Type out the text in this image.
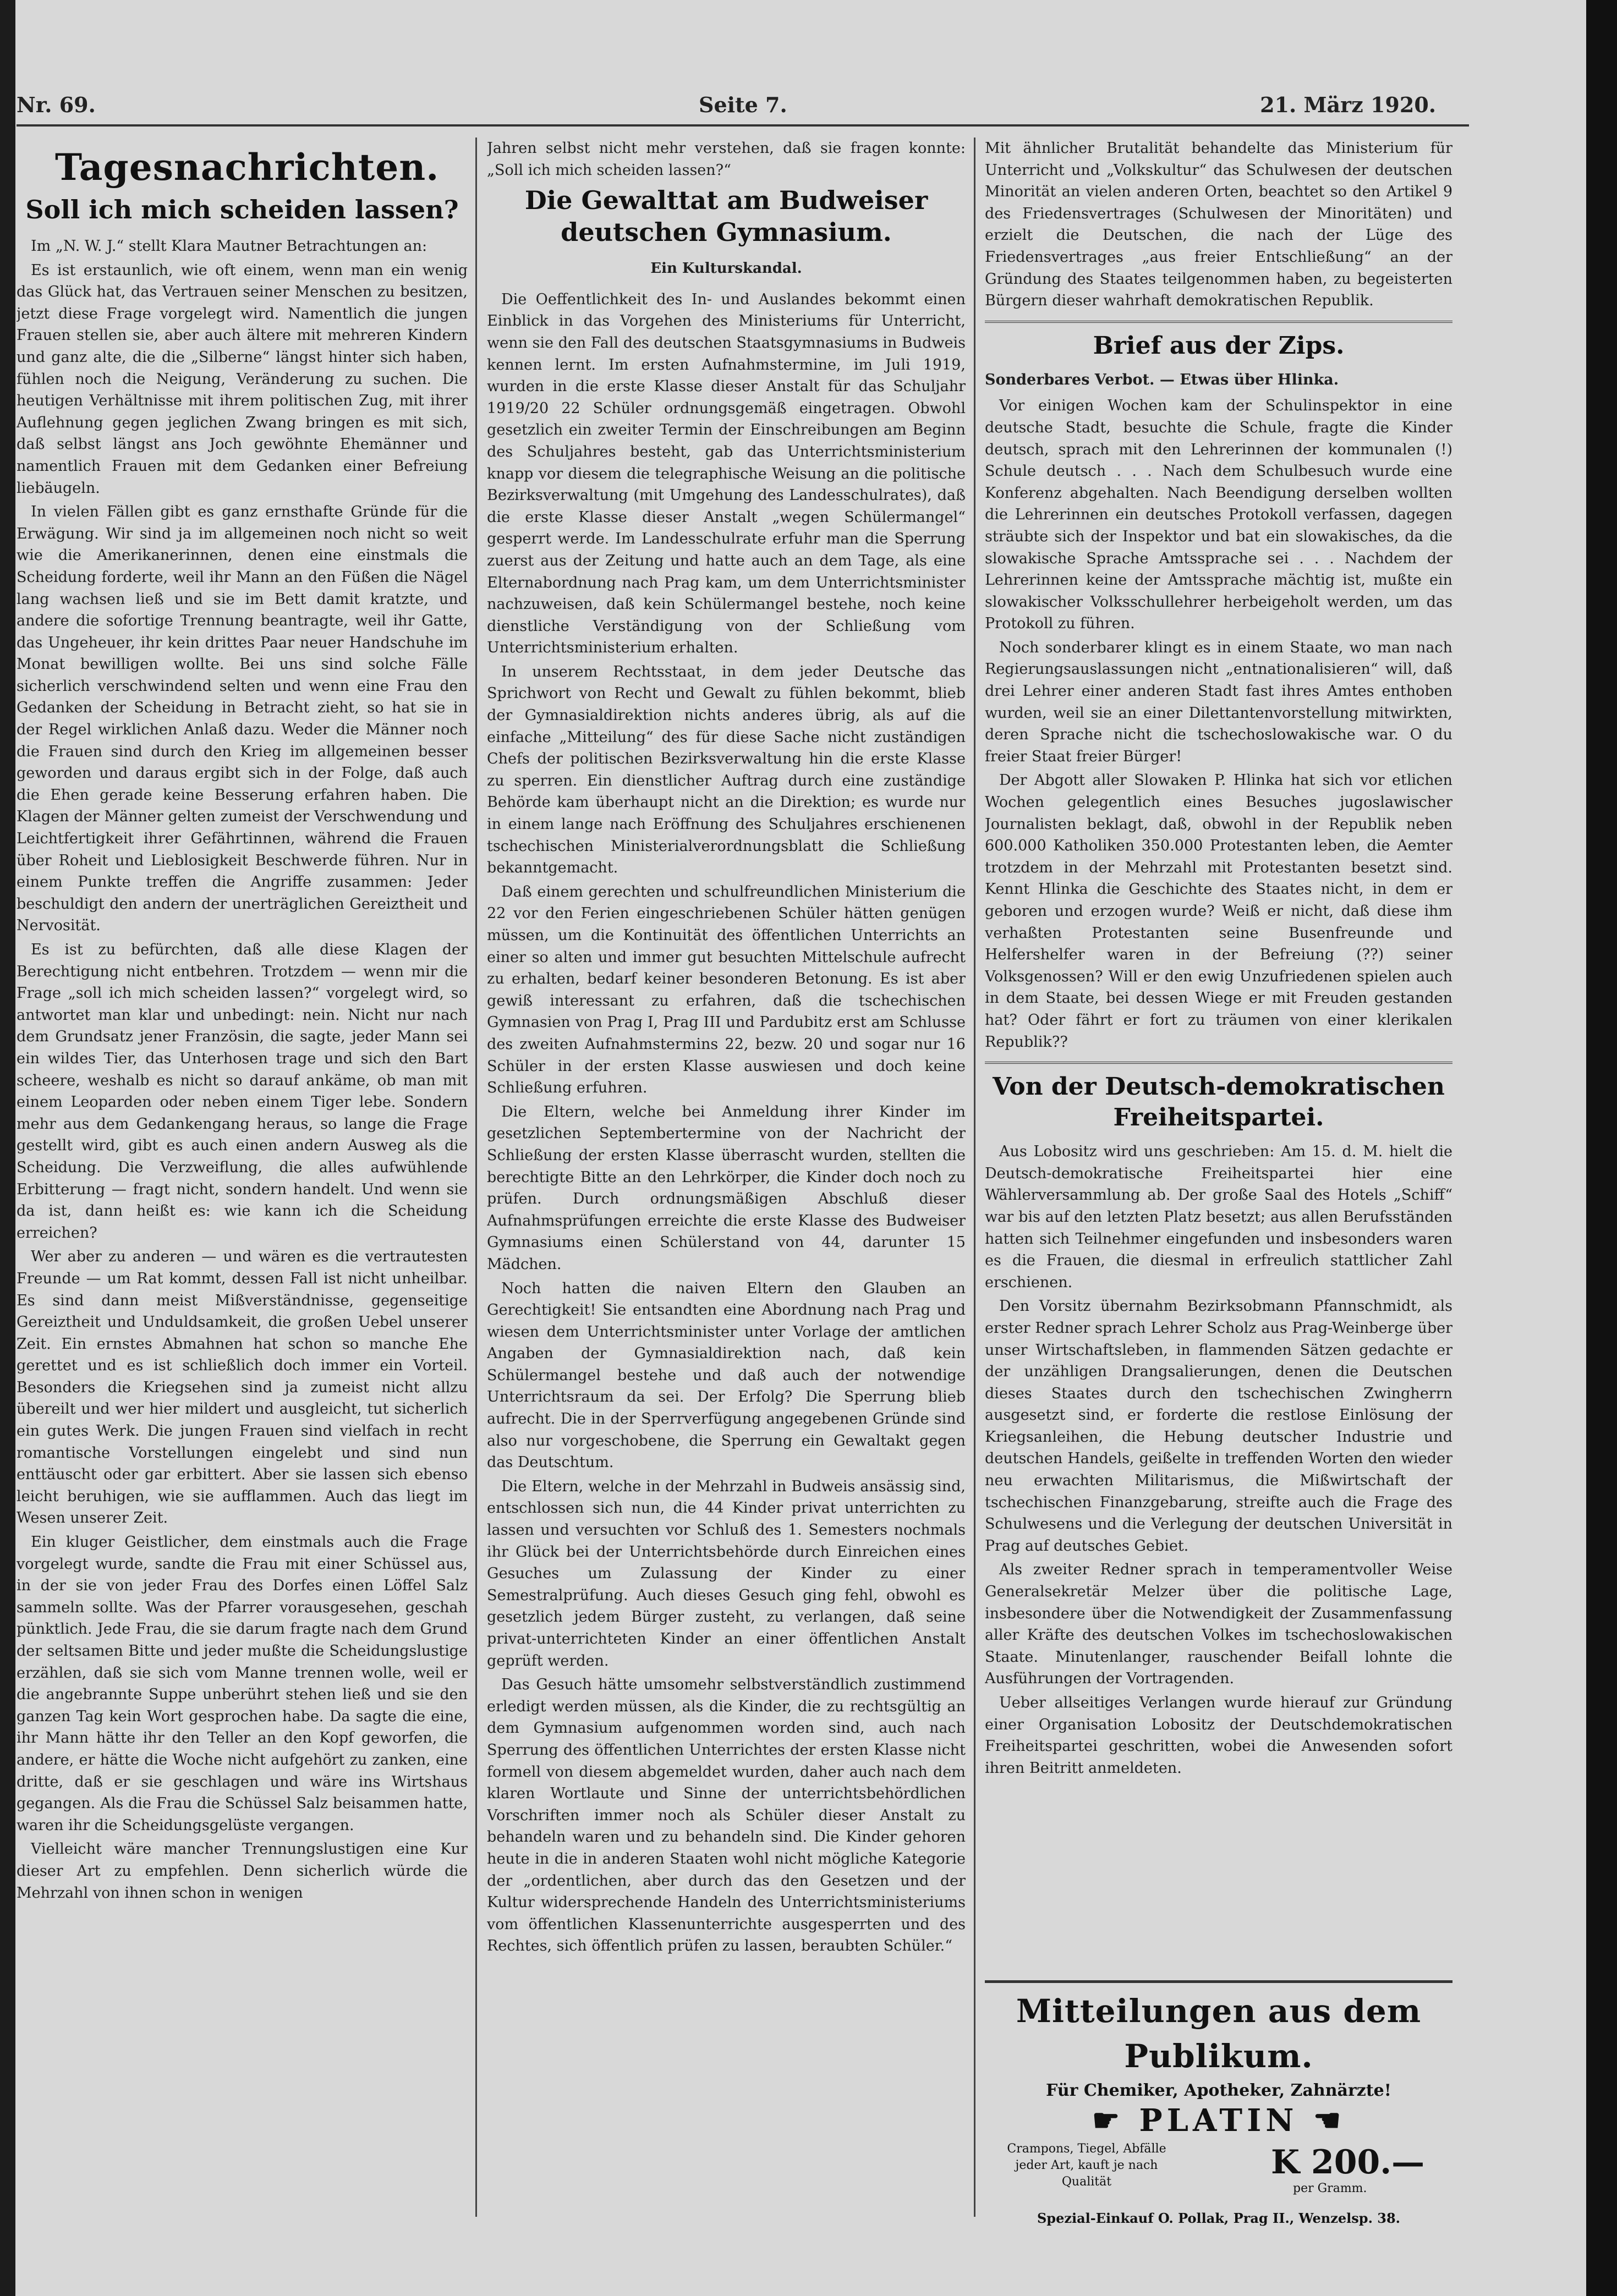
Nr. 69.	Seite 7.	21. März 1920.
Tagesnachrichten.
Soll ich mich scheiden lassen?

Im „N. W. J.“ stellt Klara Mautner Betrachtungen an:

Es ist erstaunlich, wie oft einem, wenn man ein wenig das Glück hat, das Vertrauen seiner Menschen zu besitzen, jetzt diese Frage vorgelegt wird. Namentlich die jungen Frauen stellen sie, aber auch ältere mit mehreren Kindern und ganz alte, die die „Silberne“ längst hinter sich haben, fühlen noch die Neigung, Veränderung zu suchen. Die heutigen Verhältnisse mit ihrem politischen Zug, mit ihrer Auflehnung gegen jeglichen Zwang bringen es mit sich, daß selbst längst ans Joch gewöhnte Ehemänner und namentlich Frauen mit dem Gedanken einer Befreiung liebäugeln.

In vielen Fällen gibt es ganz ernsthafte Gründe für die Erwägung. Wir sind ja im allgemeinen noch nicht so weit wie die Amerikanerinnen, denen eine einstmals die Scheidung forderte, weil ihr Mann an den Füßen die Nägel lang wachsen ließ und sie im Bett damit kratzte, und andere die sofortige Trennung beantragte, weil ihr Gatte, das Ungeheuer, ihr kein drittes Paar neuer Handschuhe im Monat bewilligen wollte. Bei uns sind solche Fälle sicherlich verschwindend selten und wenn eine Frau den Gedanken der Scheidung in Betracht zieht, so hat sie in der Regel wirklichen Anlaß dazu. Weder die Männer noch die Frauen sind durch den Krieg im allgemeinen besser geworden und daraus ergibt sich in der Folge, daß auch die Ehen gerade keine Besserung erfahren haben. Die Klagen der Männer gelten zumeist der Verschwendung und Leichtfertigkeit ihrer Gefährtinnen, während die Frauen über Roheit und Lieblosigkeit Beschwerde führen. Nur in einem Punkte treffen die Angriffe zusammen: Jeder beschuldigt den andern der unerträglichen Gereiztheit und Nervosität.

Es ist zu befürchten, daß alle diese Klagen der Berechtigung nicht entbehren. Trotzdem — wenn mir die Frage „soll ich mich scheiden lassen?“ vorgelegt wird, so antwortet man klar und unbedingt: nein. Nicht nur nach dem Grundsatz jener Französin, die sagte, jeder Mann sei ein wildes Tier, das Unterhosen trage und sich den Bart scheere, weshalb es nicht so darauf ankäme, ob man mit einem Leoparden oder neben einem Tiger lebe. Sondern mehr aus dem Gedankengang heraus, so lange die Frage gestellt wird, gibt es auch einen andern Ausweg als die Scheidung. Die Verzweiflung, die alles aufwühlende Erbitterung — fragt nicht, sondern handelt. Und wenn sie da ist, dann heißt es: wie kann ich die Scheidung erreichen?

Wer aber zu anderen — und wären es die vertrautesten Freunde — um Rat kommt, dessen Fall ist nicht unheilbar. Es sind dann meist Mißverständnisse, gegenseitige Gereiztheit und Unduldsamkeit, die großen Uebel unserer Zeit. Ein ernstes Abmahnen hat schon so manche Ehe gerettet und es ist schließlich doch immer ein Vorteil. Besonders die Kriegsehen sind ja zumeist nicht allzu übereilt und wer hier mildert und ausgleicht, tut sicherlich ein gutes Werk. Die jungen Frauen sind vielfach in recht romantische Vorstellungen eingelebt und sind nun enttäuscht oder gar erbittert. Aber sie lassen sich ebenso leicht beruhigen, wie sie aufflammen. Auch das liegt im Wesen unserer Zeit.

Ein kluger Geistlicher, dem einstmals auch die Frage vorgelegt wurde, sandte die Frau mit einer Schüssel aus, in der sie von jeder Frau des Dorfes einen Löffel Salz sammeln sollte. Was der Pfarrer vorausgesehen, geschah pünktlich. Jede Frau, die sie darum fragte nach dem Grund der seltsamen Bitte und jeder mußte die Scheidungslustige erzählen, daß sie sich vom Manne trennen wolle, weil er die angebrannte Suppe unberührt stehen ließ und sie den ganzen Tag kein Wort gesprochen habe. Da sagte die eine, ihr Mann hätte ihr den Teller an den Kopf geworfen, die andere, er hätte die Woche nicht aufgehört zu zanken, eine dritte, daß er sie geschlagen und wäre ins Wirtshaus gegangen. Als die Frau die Schüssel Salz beisammen hatte, waren ihr die Scheidungsgelüste vergangen.

Vielleicht wäre mancher Trennungslustigen eine Kur dieser Art zu empfehlen. Denn sicherlich würde die Mehrzahl von ihnen schon in wenigen

Jahren selbst nicht mehr verstehen, daß sie fragen konnte: „Soll ich mich scheiden lassen?“

Die Gewalttat am Budweiser deutschen Gymnasium.
Ein Kulturskandal.

Die Oeffentlichkeit des In- und Auslandes bekommt einen Einblick in das Vorgehen des Ministeriums für Unterricht, wenn sie den Fall des deutschen Staatsgymnasiums in Budweis kennen lernt. Im ersten Aufnahmstermine, im Juli 1919, wurden in die erste Klasse dieser Anstalt für das Schuljahr 1919/20 22 Schüler ordnungsgemäß eingetragen. Obwohl gesetzlich ein zweiter Termin der Einschreibungen am Beginn des Schuljahres besteht, gab das Unterrichtsministerium knapp vor diesem die telegraphische Weisung an die politische Bezirksverwaltung (mit Umgehung des Landesschulrates), daß die erste Klasse dieser Anstalt „wegen Schülermangel“ gesperrt werde. Im Landesschulrate erfuhr man die Sperrung zuerst aus der Zeitung und hatte auch an dem Tage, als eine Elternabordnung nach Prag kam, um dem Unterrichtsminister nachzuweisen, daß kein Schülermangel bestehe, noch keine dienstliche Verständigung von der Schließung vom Unterrichtsministerium erhalten.

In unserem Rechtsstaat, in dem jeder Deutsche das Sprichwort von Recht und Gewalt zu fühlen bekommt, blieb der Gymnasialdirektion nichts anderes übrig, als auf die einfache „Mitteilung“ des für diese Sache nicht zuständigen Chefs der politischen Bezirksverwaltung hin die erste Klasse zu sperren. Ein dienstlicher Auftrag durch eine zuständige Behörde kam überhaupt nicht an die Direktion; es wurde nur in einem lange nach Eröffnung des Schuljahres erschienenen tschechischen Ministerialverordnungsblatt die Schließung bekanntgemacht.

Daß einem gerechten und schulfreundlichen Ministerium die 22 vor den Ferien eingeschriebenen Schüler hätten genügen müssen, um die Kontinuität des öffentlichen Unterrichts an einer so alten und immer gut besuchten Mittelschule aufrecht zu erhalten, bedarf keiner besonderen Betonung. Es ist aber gewiß interessant zu erfahren, daß die tschechischen Gymnasien von Prag I, Prag III und Pardubitz erst am Schlusse des zweiten Aufnahmstermins 22, bezw. 20 und sogar nur 16 Schüler in der ersten Klasse auswiesen und doch keine Schließung erfuhren.

Die Eltern, welche bei Anmeldung ihrer Kinder im gesetzlichen Septembertermine von der Nachricht der Schließung der ersten Klasse überrascht wurden, stellten die berechtigte Bitte an den Lehrkörper, die Kinder doch noch zu prüfen. Durch ordnungsmäßigen Abschluß dieser Aufnahmsprüfungen erreichte die erste Klasse des Budweiser Gymnasiums einen Schülerstand von 44, darunter 15 Mädchen.

Noch hatten die naiven Eltern den Glauben an Gerechtigkeit! Sie entsandten eine Abordnung nach Prag und wiesen dem Unterrichtsminister unter Vorlage der amtlichen Angaben der Gymnasialdirektion nach, daß kein Schülermangel bestehe und daß auch der notwendige Unterrichtsraum da sei. Der Erfolg? Die Sperrung blieb aufrecht. Die in der Sperrverfügung angegebenen Gründe sind also nur vorgeschobene, die Sperrung ein Gewaltakt gegen das Deutschtum.

Die Eltern, welche in der Mehrzahl in Budweis ansässig sind, entschlossen sich nun, die 44 Kinder privat unterrichten zu lassen und versuchten vor Schluß des 1. Semesters nochmals ihr Glück bei der Unterrichtsbehörde durch Einreichen eines Gesuches um Zulassung der Kinder zu einer Semestralprüfung. Auch dieses Gesuch ging fehl, obwohl es gesetzlich jedem Bürger zusteht, zu verlangen, daß seine privat-unterrichteten Kinder an einer öffentlichen Anstalt geprüft werden.

Das Gesuch hätte umsomehr selbstverständlich zustimmend erledigt werden müssen, als die Kinder, die zu rechtsgültig an dem Gymnasium aufgenommen worden sind, auch nach Sperrung des öffentlichen Unterrichtes der ersten Klasse nicht formell von diesem abgemeldet wurden, daher auch nach dem klaren Wortlaute und Sinne der unterrichtsbehördlichen Vorschriften immer noch als Schüler dieser Anstalt zu behandeln waren und zu behandeln sind. Die Kinder gehoren heute in die in anderen Staaten wohl nicht mögliche Kategorie der „ordentlichen, aber durch das den Gesetzen und der Kultur widersprechende Handeln des Unterrichtsministeriums vom öffentlichen Klassenunterrichte ausgesperrten und des Rechtes, sich öffentlich prüfen zu lassen, beraubten Schüler.“

Mit ähnlicher Brutalität behandelte das Ministerium für Unterricht und „Volkskultur“ das Schulwesen der deutschen Minorität an vielen anderen Orten, beachtet so den Artikel 9 des Friedensvertrages (Schulwesen der Minoritäten) und erzielt die Deutschen, die nach der Lüge des Friedensvertrages „aus freier Entschließung“ an der Gründung des Staates teilgenommen haben, zu begeisterten Bürgern dieser wahrhaft demokratischen Republik.

Brief aus der Zips.
Sonderbares Verbot. — Etwas über Hlinka.

Vor einigen Wochen kam der Schulinspektor in eine deutsche Stadt, besuchte die Schule, fragte die Kinder deutsch, sprach mit den Lehrerinnen der kommunalen (!) Schule deutsch . . . Nach dem Schulbesuch wurde eine Konferenz abgehalten. Nach Beendigung derselben wollten die Lehrerinnen ein deutsches Protokoll verfassen, dagegen sträubte sich der Inspektor und bat ein slowakisches, da die slowakische Sprache Amtssprache sei . . . Nachdem der Lehrerinnen keine der Amtssprache mächtig ist, mußte ein slowakischer Volksschullehrer herbeigeholt werden, um das Protokoll zu führen.

Noch sonderbarer klingt es in einem Staate, wo man nach Regierungsauslassungen nicht „entnationalisieren“ will, daß drei Lehrer einer anderen Stadt fast ihres Amtes enthoben wurden, weil sie an einer Dilettantenvorstellung mitwirkten, deren Sprache nicht die tschechoslowakische war. O du freier Staat freier Bürger!

Der Abgott aller Slowaken P. Hlinka hat sich vor etlichen Wochen gelegentlich eines Besuches jugoslawischer Journalisten beklagt, daß, obwohl in der Republik neben 600.000 Katholiken 350.000 Protestanten leben, die Aemter trotzdem in der Mehrzahl mit Protestanten besetzt sind. Kennt Hlinka die Geschichte des Staates nicht, in dem er geboren und erzogen wurde? Weiß er nicht, daß diese ihm verhaßten Protestanten seine Busenfreunde und Helfershelfer waren in der Befreiung (??) seiner Volksgenossen? Will er den ewig Unzufriedenen spielen auch in dem Staate, bei dessen Wiege er mit Freuden gestanden hat? Oder fährt er fort zu träumen von einer klerikalen Republik??

Von der Deutsch-demokratischen Freiheitspartei.

Aus Lobositz wird uns geschrieben: Am 15. d. M. hielt die Deutsch-demokratische Freiheitspartei hier eine Wählerversammlung ab. Der große Saal des Hotels „Schiff“ war bis auf den letzten Platz besetzt; aus allen Berufsständen hatten sich Teilnehmer eingefunden und insbesonders waren es die Frauen, die diesmal in erfreulich stattlicher Zahl erschienen.

Den Vorsitz übernahm Bezirksobmann Pfannschmidt, als erster Redner sprach Lehrer Scholz aus Prag-Weinberge über unser Wirtschaftsleben, in flammenden Sätzen gedachte er der unzähligen Drangsalierungen, denen die Deutschen dieses Staates durch den tschechischen Zwingherrn ausgesetzt sind, er forderte die restlose Einlösung der Kriegsanleihen, die Hebung deutscher Industrie und deutschen Handels, geißelte in treffenden Worten den wieder neu erwachten Militarismus, die Mißwirtschaft der tschechischen Finanzgebarung, streifte auch die Frage des Schulwesens und die Verlegung der deutschen Universität in Prag auf deutsches Gebiet.

Als zweiter Redner sprach in temperamentvoller Weise Generalsekretär Melzer über die politische Lage, insbesondere über die Notwendigkeit der Zusammenfassung aller Kräfte des deutschen Volkes im tschechoslowakischen Staate. Minutenlanger, rauschender Beifall lohnte die Ausführungen der Vortragenden.

Ueber allseitiges Verlangen wurde hierauf zur Gründung einer Organisation Lobositz der Deutschdemokratischen Freiheitspartei geschritten, wobei die Anwesenden sofort ihren Beitritt anmeldeten.

Mitteilungen aus dem Publikum.
Für Chemiker, Apotheker, Zahnärzte!
☛ PLATIN ☚
Crampons, Tiegel, Abfälle jeder Art, kauft je nach Qualität
K 200.—
per Gramm.
Spezial-Einkauf O. Pollak, Prag II., Wenzelsp. 38.
